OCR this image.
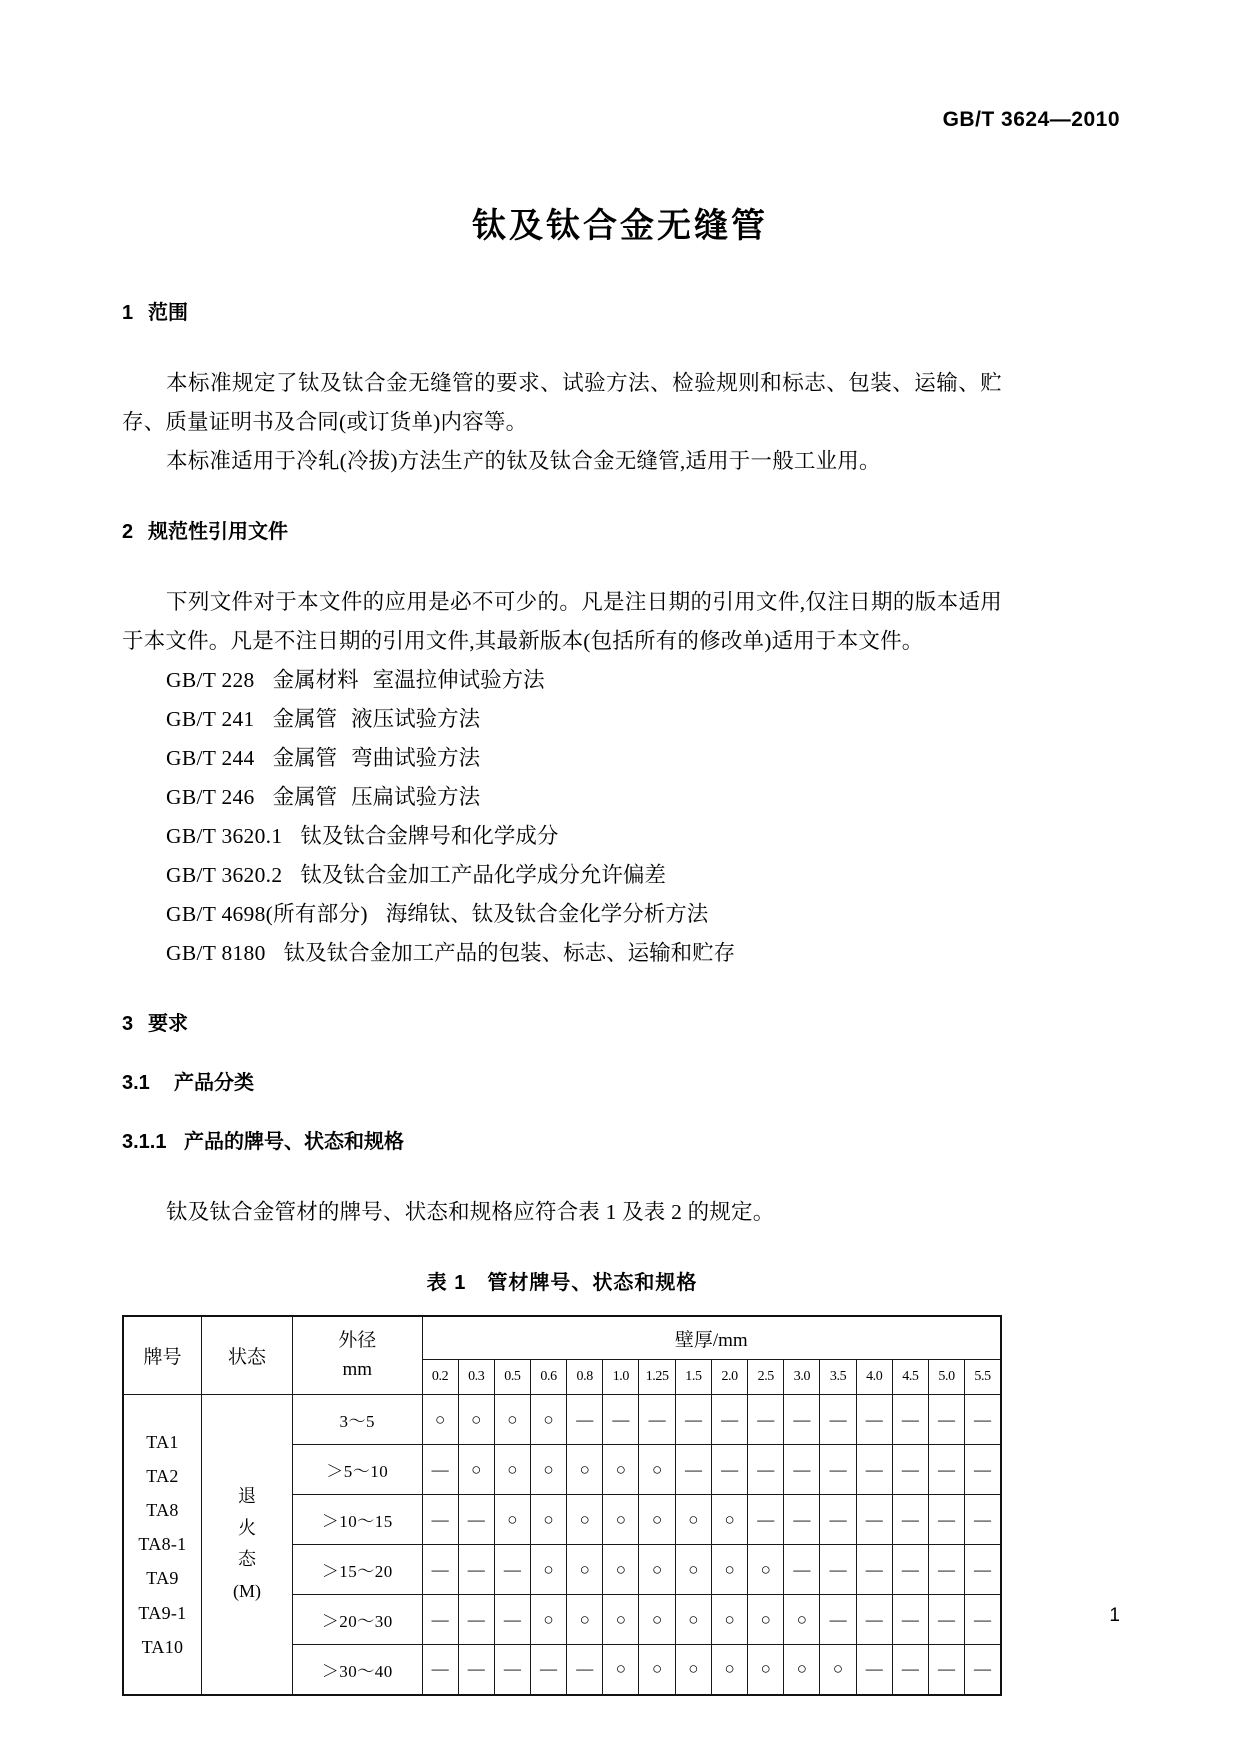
GB/T 3624—2010
钛及钛合金无缝管
1 范围

本标准规定了钛及钛合金无缝管的要求、试验方法、检验规则和标志、包装、运输、贮存、质量证明书及合同(或订货单)内容等。

本标准适用于冷轧(冷拔)方法生产的钛及钛合金无缝管,适用于一般工业用。

2 规范性引用文件

下列文件对于本文件的应用是必不可少的。凡是注日期的引用文件,仅注日期的版本适用于本文件。凡是不注日期的引用文件,其最新版本(包括所有的修改单)适用于本文件。

GB/T 228 金属材料 室温拉伸试验方法
GB/T 241 金属管 液压试验方法
GB/T 244 金属管 弯曲试验方法
GB/T 246 金属管 压扁试验方法
GB/T 3620.1 钛及钛合金牌号和化学成分
GB/T 3620.2 钛及钛合金加工产品化学成分允许偏差
GB/T 4698(所有部分) 海绵钛、钛及钛合金化学分析方法
GB/T 8180 钛及钛合金加工产品的包装、标志、运输和贮存
3 要求
3.1 产品分类
3.1.1 产品的牌号、状态和规格

钛及钛合金管材的牌号、状态和规格应符合表 1 及表 2 的规定。

表 1　管材牌号、状态和规格

牌号	状态	外径
mm	壁厚/mm															
			0.2	0.3	0.5	0.6	0.8	1.0	1.25	1.5	2.0	2.5	3.0	3.5	4.0	4.5	5.0	5.5

TA1
TA2
TA8
TA8-1
TA9
TA9-1
TA10

退
火
态
(M)
	3～5	○	○	○	○	—	—	—	—	—	—	—	—	—	—	—	—
		＞5～10	—	○	○	○	○	○	○	—	—	—	—	—	—	—	—	—
		＞10～15	—	—	○	○	○	○	○	○	○	—	—	—	—	—	—	—
		＞15～20	—	—	—	○	○	○	○	○	○	○	—	—	—	—	—	—
		＞20～30	—	—	—	○	○	○	○	○	○	○	○	—	—	—	—	—
		＞30～40	—	—	—	—	—	○	○	○	○	○	○	○	—	—	—	—
1
